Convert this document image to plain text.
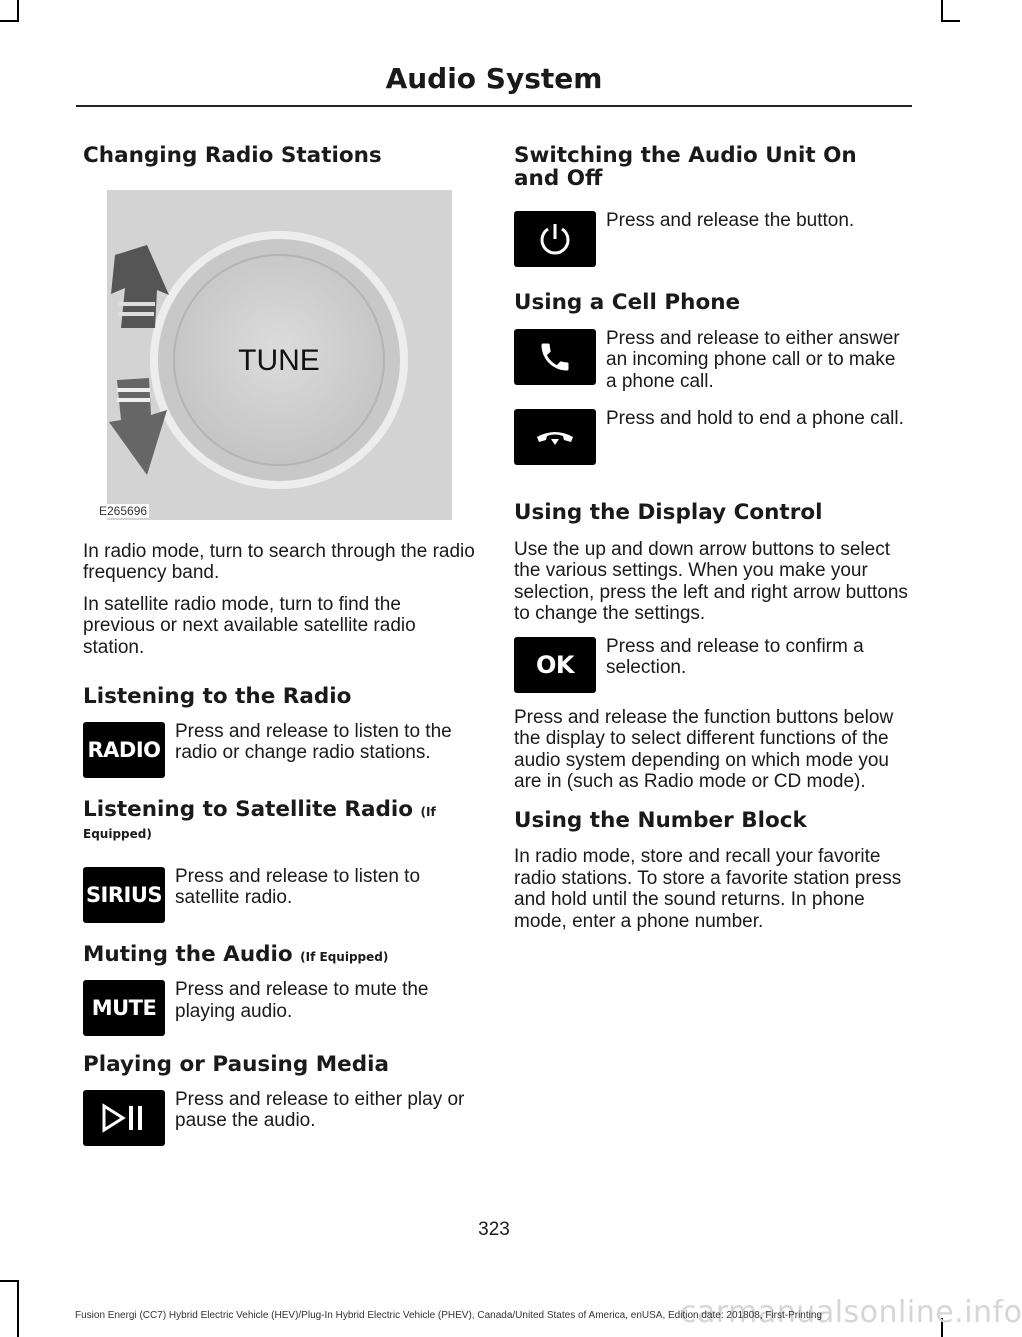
Audio System
Changing Radio Stations
TUNE
E265696

In radio mode, turn to search through the radio frequency band.

In satellite radio mode, turn to find the previous or next available satellite radio station.

Listening to the Radio
RADIO

Press and release to listen to the radio or change radio stations.

Listening to Satellite Radio (If Equipped)
SIRIUS

Press and release to listen to satellite radio.

Muting the Audio (If Equipped)
MUTE

Press and release to mute the playing audio.

Playing or Pausing Media

Press and release to either play or pause the audio.

Switching the Audio Unit On and Off

Press and release the button.

Using a Cell Phone

Press and release to either answer an incoming phone call or to make a phone call.

Press and hold to end a phone call.

Using the Display Control

Use the up and down arrow buttons to select the various settings. When you make your selection, press the left and right arrow buttons to change the settings.

OK

Press and release to confirm a selection.

Press and release the function buttons below the display to select different functions of the audio system depending on which mode you are in (such as Radio mode or CD mode).

Using the Number Block

In radio mode, store and recall your favorite radio stations. To store a favorite station press and hold until the sound returns. In phone mode, enter a phone number.

323
carmanualsonline.info
Fusion Energi (CC7) Hybrid Electric Vehicle (HEV)/Plug-In Hybrid Electric Vehicle (PHEV), Canada/United States of America, enUSA, Edition date: 201808, First-Printing
